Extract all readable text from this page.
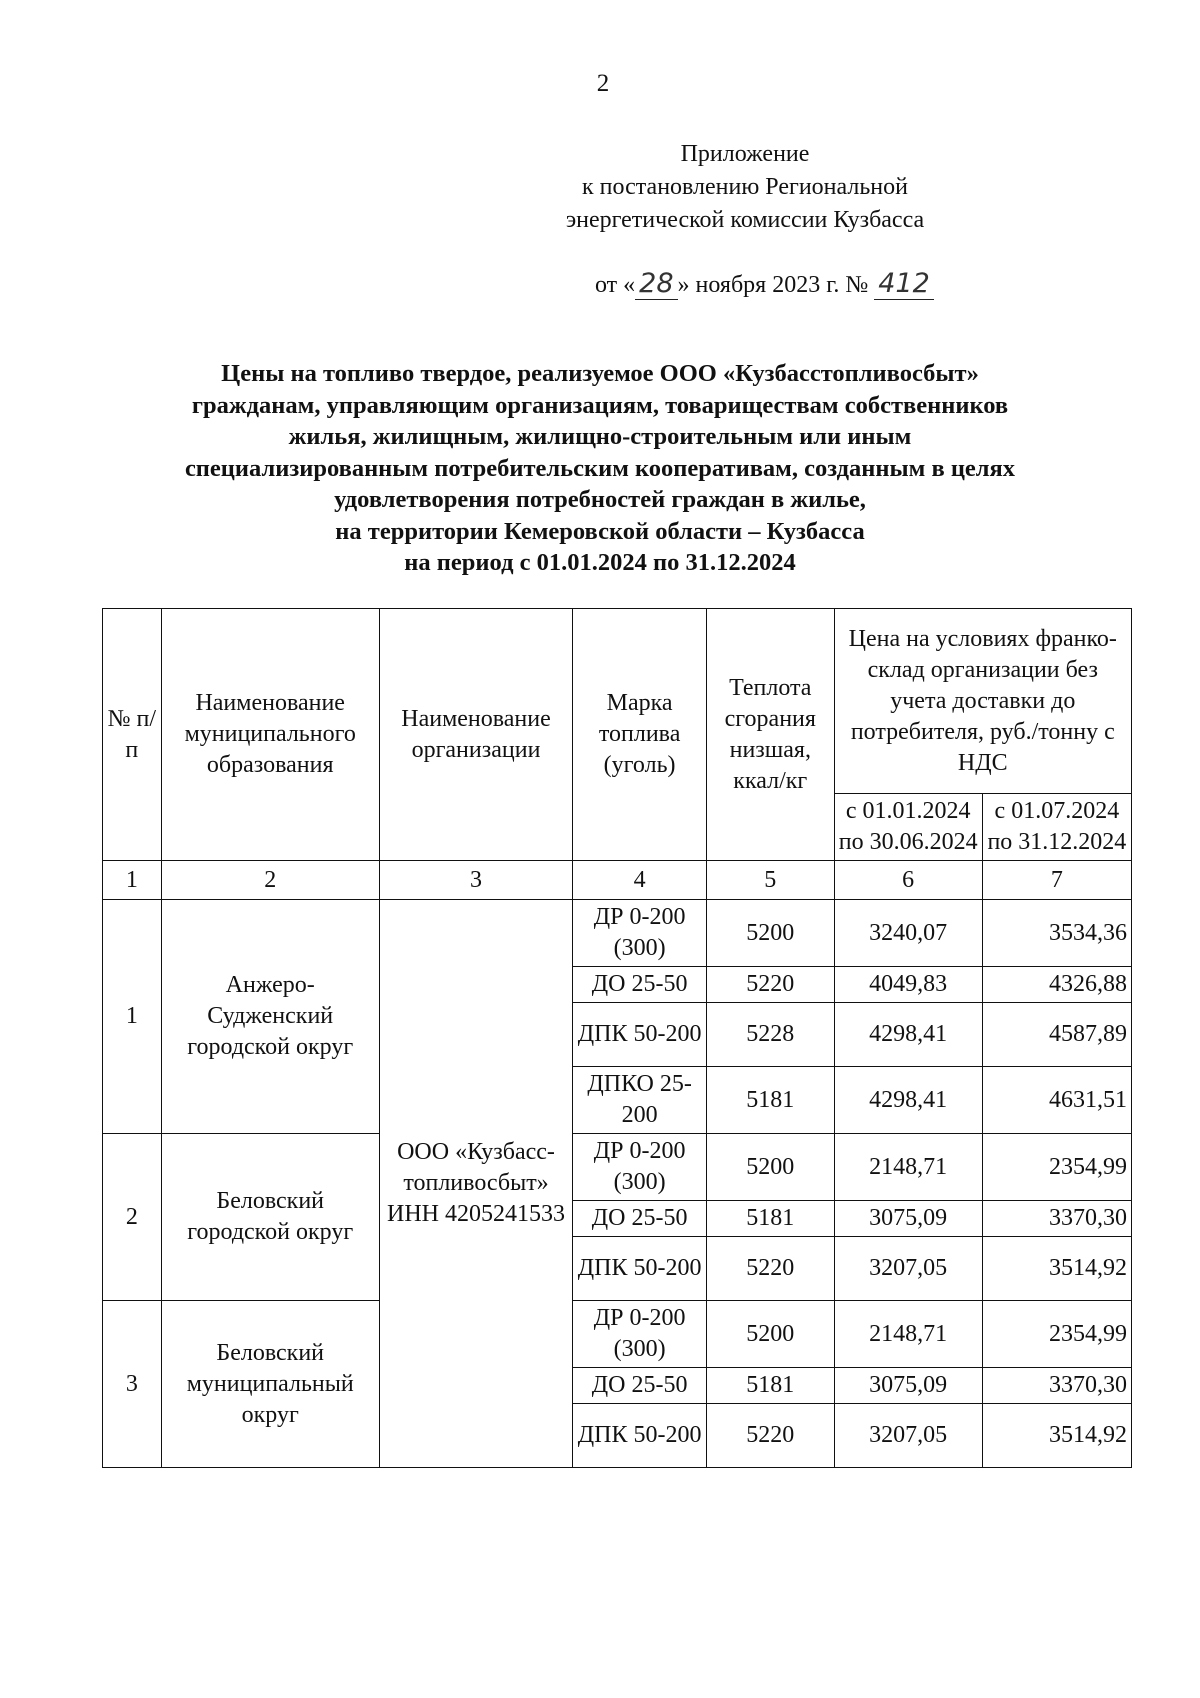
2
Приложение
к постановлению Региональной
энергетической комиссии Кузбасса
от « 28 » ноября 2023 г. № 412
Цены на топливо твердое, реализуемое ООО «Кузбасстопливосбыт»
гражданам, управляющим организациям, товариществам собственников
жилья, жилищным, жилищно-строительным или иным
специализированным потребительским кооперативам, созданным в целях
удовлетворения потребностей граждан в жилье,
на территории Кемеровской области – Кузбасса
на период с 01.01.2024 по 31.12.2024
№ п/п	Наименование муниципального образования	Наименование организации	Марка топлива (уголь)	Теплота сгорания низшая, ккал/кг	Цена на условиях франко-склад организации без учета доставки до потребителя, руб./тонну с НДС	
					с 01.01.2024 по 30.06.2024	с 01.07.2024 по 31.12.2024
1	2	3	4	5	6	7
1	Анжеро-Судженский городской округ	ООО «Кузбасс-топливосбыт» ИНН 4205241533	ДР 0-200 (300)	5200	3240,07	3534,36
			ДО 25-50	5220	4049,83	4326,88
			ДПК 50-200	5228	4298,41	4587,89
			ДПКО 25-200	5181	4298,41	4631,51
2	Беловский городской округ		ДР 0-200 (300)	5200	2148,71	2354,99
			ДО 25-50	5181	3075,09	3370,30
			ДПК 50-200	5220	3207,05	3514,92
3	Беловский муниципальный округ		ДР 0-200 (300)	5200	2148,71	2354,99
			ДО 25-50	5181	3075,09	3370,30
			ДПК 50-200	5220	3207,05	3514,92
